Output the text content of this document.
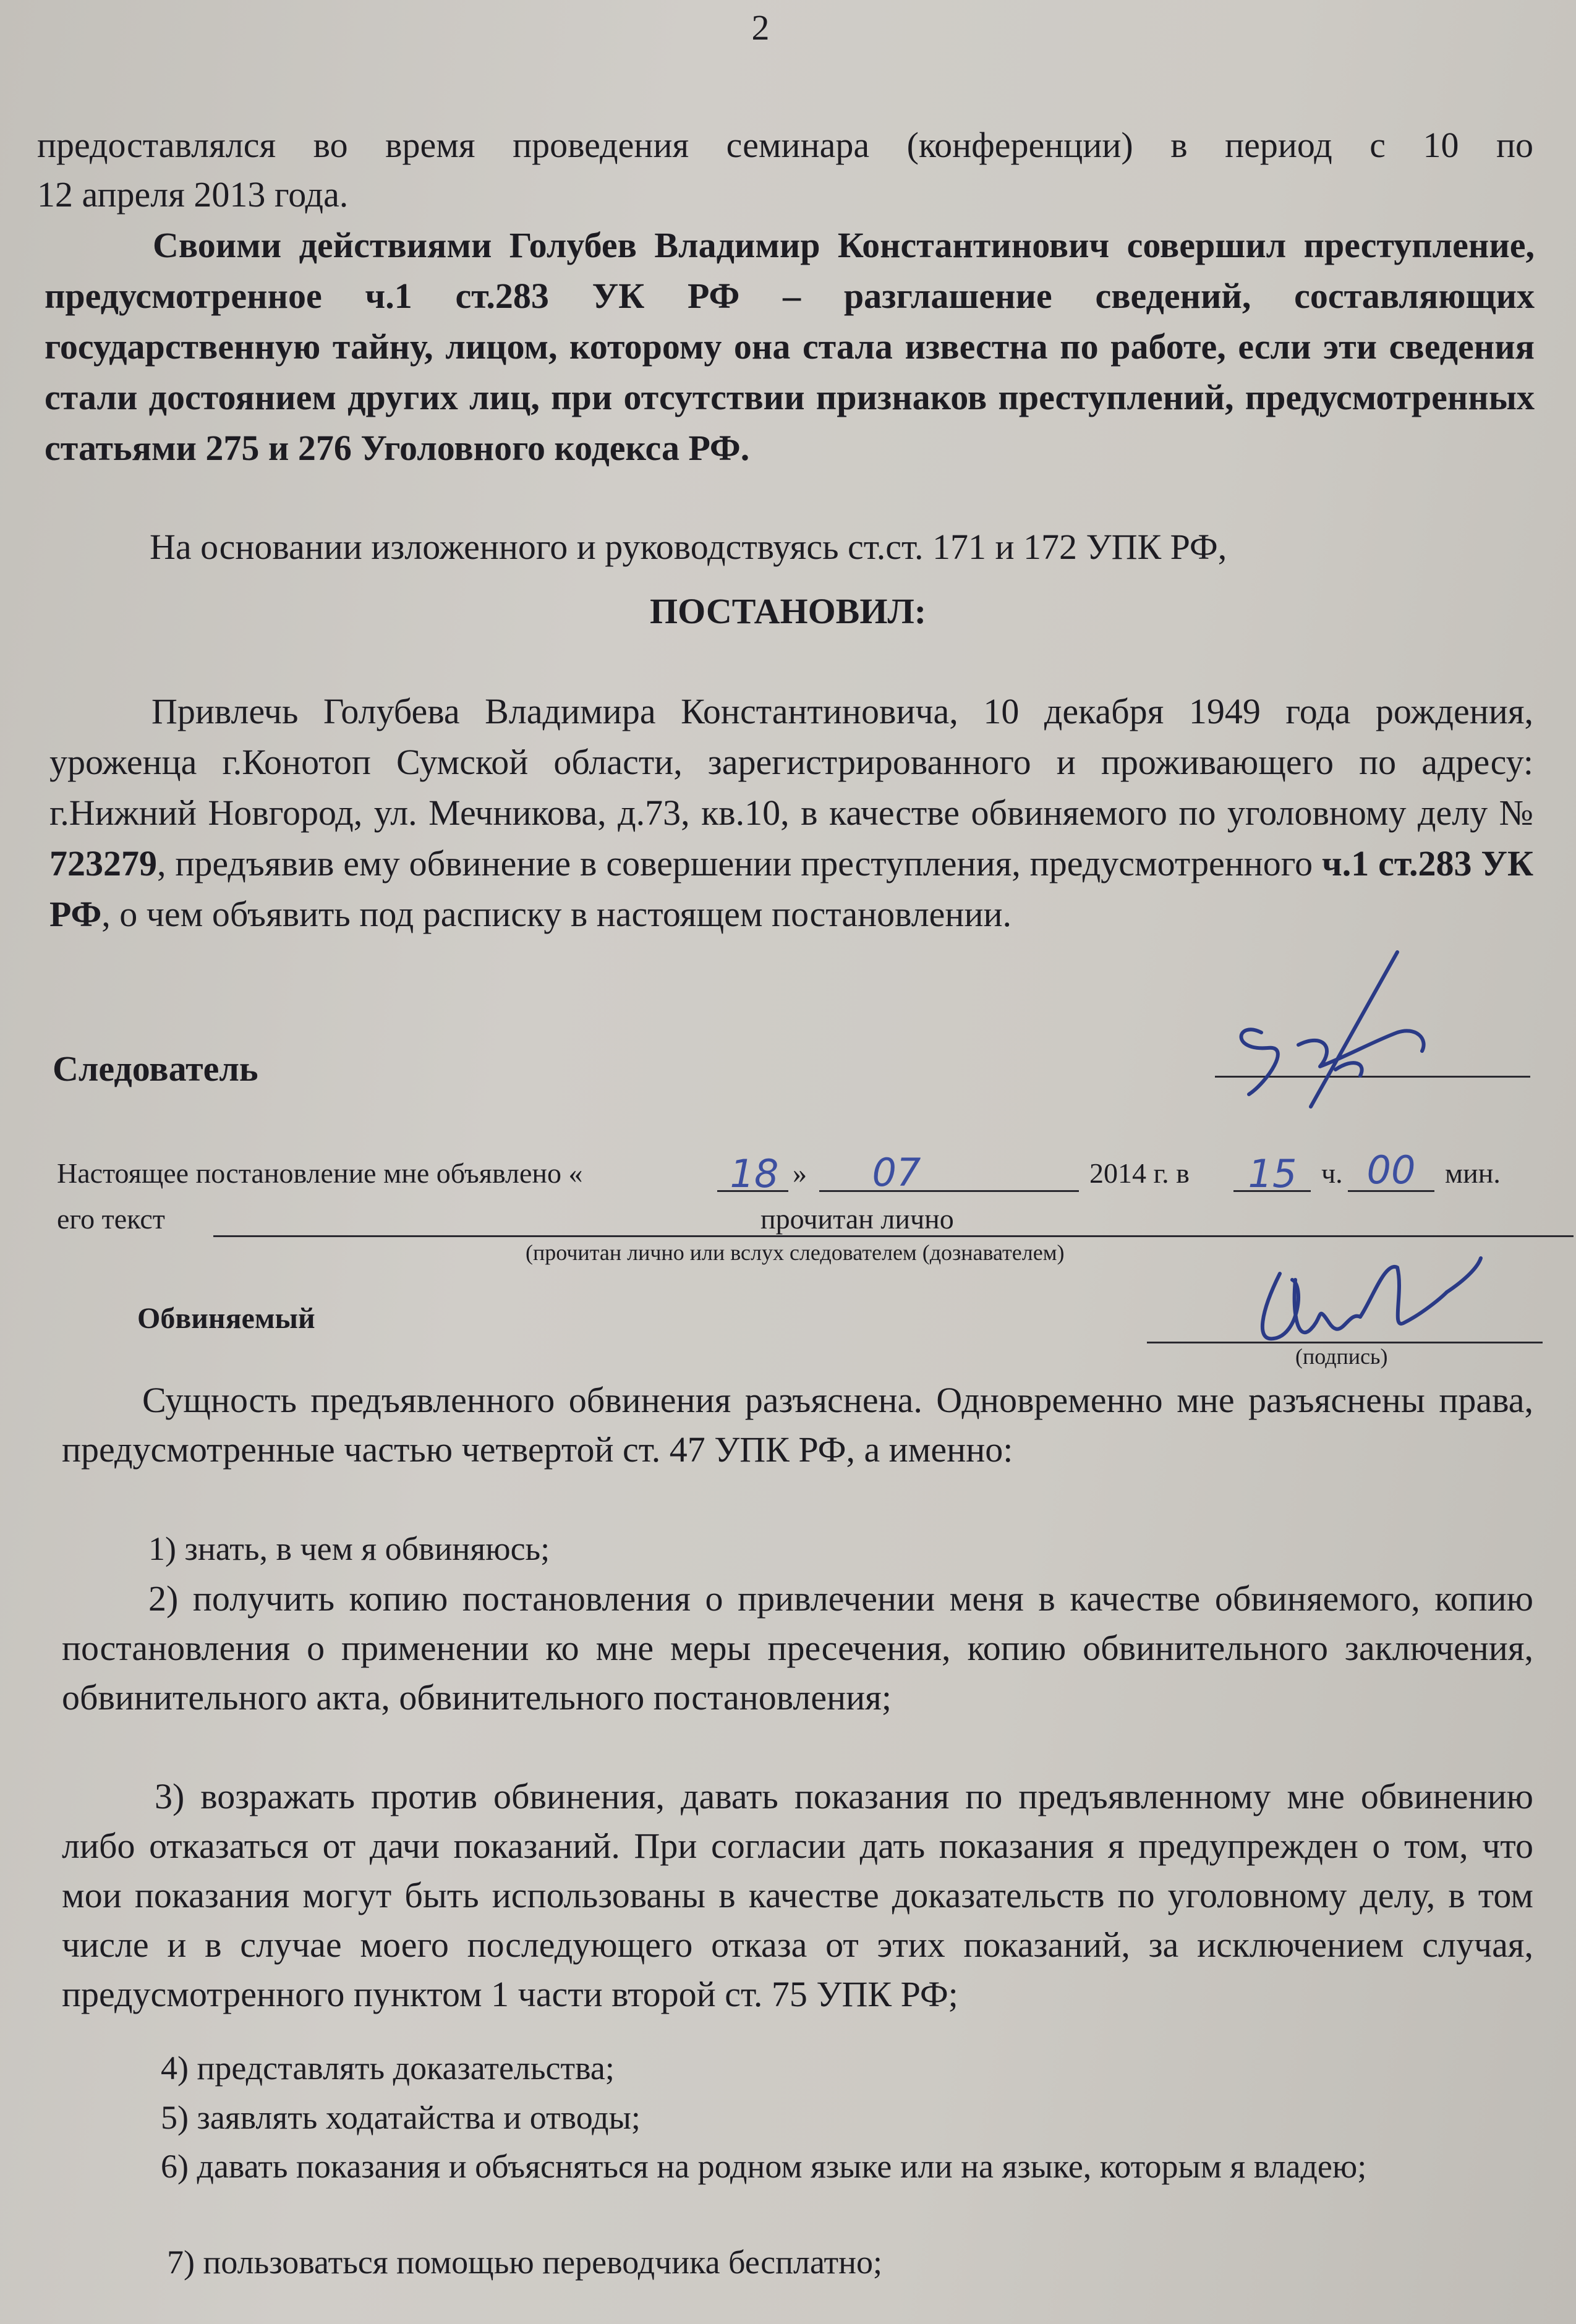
2

предоставлялся во время проведения семинара (конференции) в период с 10 по

12 апреля 2013 года.

Своими действиями Голубев Владимир Константинович совершил преступление, предусмотренное ч.1 ст.283 УК РФ – разглашение сведений, составляющих государственную тайну, лицом, которому она стала известна по работе, если эти сведения стали достоянием других лиц, при отсутствии признаков преступлений, предусмотренных статьями 275 и 276 Уголовного кодекса РФ.

На основании изложенного и руководствуясь ст.ст. 171 и 172 УПК РФ,

ПОСТАНОВИЛ:

Привлечь Голубева Владимира Константиновича, 10 декабря 1949 года рождения, уроженца г.Конотоп Сумской области, зарегистрированного и проживающего по адресу: г.Нижний Новгород, ул. Мечникова, д.73, кв.10, в качестве обвиняемого по уголовному делу № 723279, предъявив ему обвинение в совершении преступления, предусмотренного ч.1 ст.283 УК РФ, о чем объявить под расписку в настоящем постановлении.

Следователь

Настоящее постановление мне объявлено «	»	2014 г. в	ч.	мин.
18	07	15	00
его текст	прочитан лично
(прочитан лично или вслух следователем (дознавателем)
Обвиняемый
(подпись)

Сущность предъявленного обвинения разъяснена. Одновременно мне разъяснены права, предусмотренные частью четвертой ст. 47 УПК РФ, а именно:

1) знать, в чем я обвиняюсь;

2) получить копию постановления о привлечении меня в качестве обвиняемого, копию постановления о применении ко мне меры пресечения, копию обвинительного заключения, обвинительного акта, обвинительного постановления;

3) возражать против обвинения, давать показания по предъявленному мне обвинению либо отказаться от дачи показаний. При согласии дать показания я предупрежден о том, что мои показания могут быть использованы в качестве доказательств по уголовному делу, в том числе и в случае моего последующего отказа от этих показаний, за исключением случая, предусмотренного пунктом 1 части второй ст. 75 УПК РФ;

4) представлять доказательства;

5) заявлять ходатайства и отводы;

6) давать показания и объясняться на родном языке или на языке, которым я владею;

7) пользоваться помощью переводчика бесплатно;
